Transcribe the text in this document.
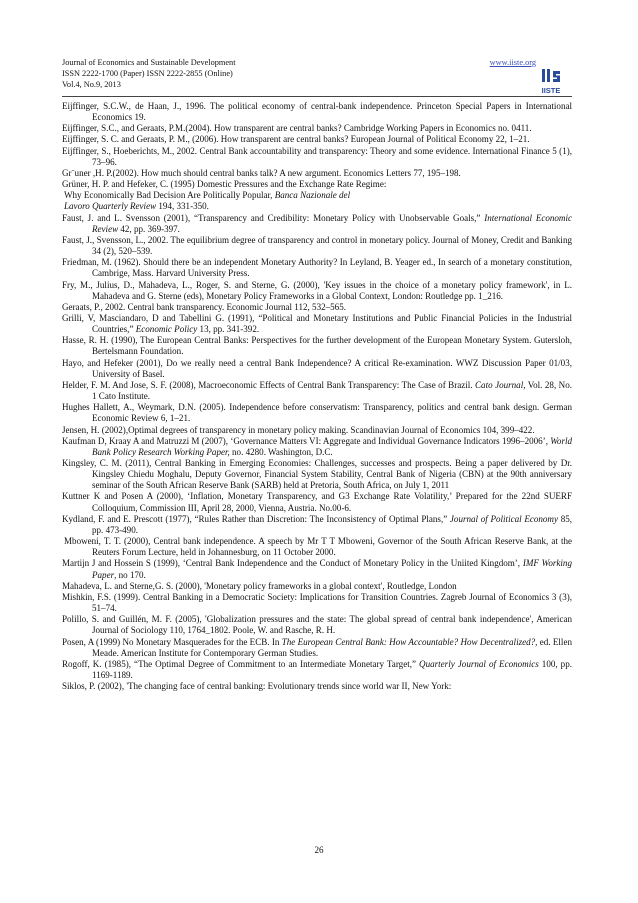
Journal of Economics and Sustainable Development
ISSN 2222-1700 (Paper) ISSN 2222-2855 (Online)
Vol.4, No.9, 2013
www.iiste.org
IISTE

Eijffinger, S.C.W., de Haan, J., 1996. The political economy of central-bank independence. Princeton Special Papers in International Economics 19.

Eijffinger, S.C., and Geraats, P.M.(2004). How transparent are central banks? Cambridge Working Papers in Economics no. 0411.

Eijffinger, S. C. and Geraats, P. M., (2006). How transparent are central banks? European Journal of Political Economy 22, 1–21.

Eijffinger, S., Hoeberichts, M., 2002. Central Bank accountability and transparency: Theory and some evidence. International Finance 5 (1), 73–96.

Gr¨uner ,H. P.(2002). How much should central banks talk? A new argument. Economics Letters 77, 195–198.

Grüner, H. P. and Hefeker, C. (1995) Domestic Pressures and the Exchange Rate Regime:

Why Economically Bad Decision Are Politically Popular, Banca Nazionale del

Lavoro Quarterly Review 194, 331-350.

Faust, J. and L. Svensson (2001), “Transparency and Credibility: Monetary Policy with Unobservable Goals,” International Economic Review 42, pp. 369-397.

Faust, J., Svensson, L., 2002. The equilibrium degree of transparency and control in monetary policy. Journal of Money, Credit and Banking 34 (2), 520–539.

Friedman, M. (1962). Should there be an independent Monetary Authority? In Leyland, B. Yeager ed., In search of a monetary constitution, Cambrige, Mass. Harvard University Press.

Fry, M., Julius, D., Mahadeva, L., Roger, S. and Sterne, G. (2000), 'Key issues in the choice of a monetary policy framework', in L. Mahadeva and G. Sterne (eds), Monetary Policy Frameworks in a Global Context, London: Routledge pp. 1_216.

Geraats, P., 2002. Central bank transparency. Economic Journal 112, 532–565.

Grilli, V, Masciandaro, D and Tabellini G. (1991), “Political and Monetary Institutions and Public Financial Policies in the Industrial Countries,” Economic Policy 13, pp. 341-392.

Hasse, R. H. (1990), The European Central Banks: Perspectives for the further development of the European Monetary System. Gutersloh, Bertelsmann Foundation.

Hayo, and Hefeker (2001), Do we really need a central Bank Independence? A critical Re-examination. WWZ Discussion Paper 01/03, University of Basel.

Helder, F. M. And Jose, S. F. (2008), Macroeconomic Effects of Central Bank Transparency: The Case of Brazil. Cato Journal, Vol. 28, No. 1 Cato Institute.

Hughes Hallett, A., Weymark, D.N. (2005). Independence before conservatism: Transparency, politics and central bank design. German Economic Review 6, 1–21.

Jensen, H. (2002),Optimal degrees of transparency in monetary policy making. Scandinavian Journal of Economics 104, 399–422.

Kaufman D, Kraay A and Matruzzi M (2007), ‘Governance Matters VI: Aggregate and Individual Governance Indicators 1996–2006’, World Bank Policy Research Working Paper, no. 4280. Washington, D.C.

Kingsley, C. M. (2011), Central Banking in Emerging Economies: Challenges, successes and prospects. Being a paper delivered by Dr. Kingsley Chiedu Moghalu, Deputy Governor, Financial System Stability, Central Bank of Nigeria (CBN) at the 90th anniversary seminar of the South African Reserve Bank (SARB) held at Pretoria, South Africa, on July 1, 2011

Kuttner K and Posen A (2000), ‘Inflation, Monetary Transparency, and G3 Exchange Rate Volatility,’ Prepared for the 22nd SUERF Colloquium, Commission III, April 28, 2000, Vienna, Austria. No.00-6.

Kydland, F. and E. Prescott (1977), “Rules Rather than Discretion: The Inconsistency of Optimal Plans,” Journal of Political Economy 85, pp. 473-490.

Mboweni, T. T. (2000), Central bank independence. A speech by Mr T T Mboweni, Governor of the South African Reserve Bank, at the Reuters Forum Lecture, held in Johannesburg, on 11 October 2000.

Martijn J and Hossein S (1999), ‘Central Bank Independence and the Conduct of Monetary Policy in the Uniited Kingdom’, IMF Working Paper, no 170.

Mahadeva, L. and Sterne,G. S. (2000), 'Monetary policy frameworks in a global context', Routledge, London

Mishkin, F.S. (1999). Central Banking in a Democratic Society: Implications for Transition Countries. Zagreb Journal of Economics 3 (3), 51–74.

Polillo, S. and Guillén, M. F. (2005), 'Globalization pressures and the state: The global spread of central bank independence', American Journal of Sociology 110, 1764_1802. Poole, W. and Rasche, R. H.

Posen, A (1999) No Monetary Masquerades for the ECB. In The European Central Bank: How Accountable? How Decentralized?, ed. Ellen Meade. American Institute for Contemporary German Studies.

Rogoff, K. (1985), “The Optimal Degree of Commitment to an Intermediate Monetary Target,” Quarterly Journal of Economics 100, pp. 1169-1189.

Siklos, P. (2002), 'The changing face of central banking: Evolutionary trends since world war II, New York:

26
